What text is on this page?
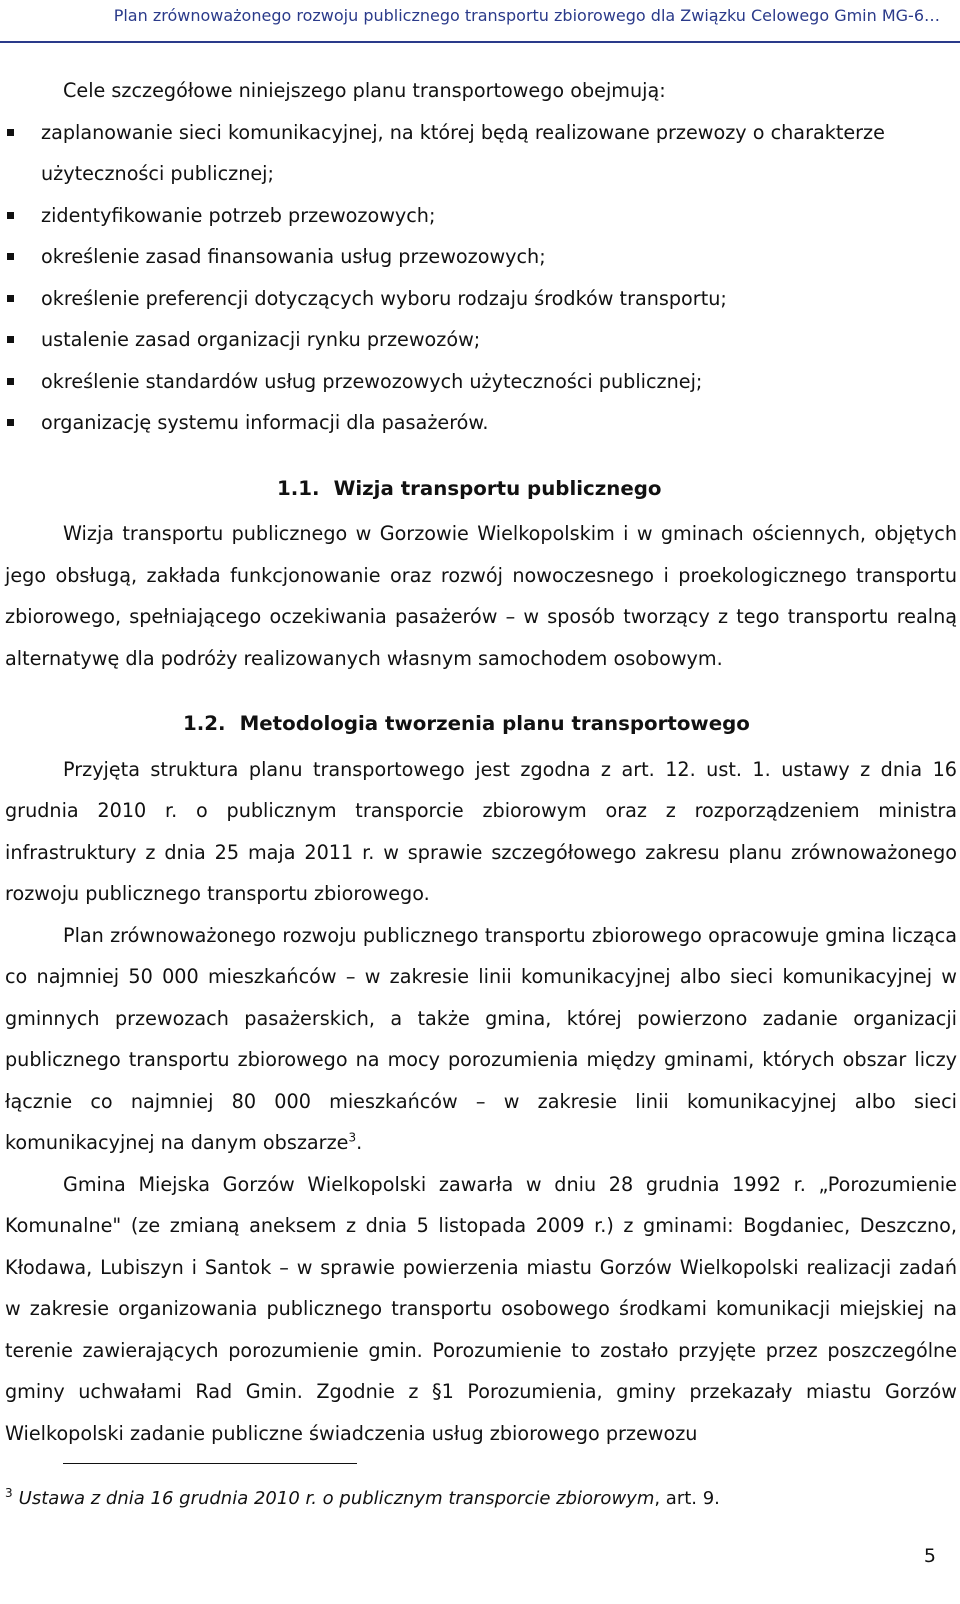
Plan zrównoważonego rozwoju publicznego transportu zbiorowego dla Związku Celowego Gmin MG-6…

Cele szczegółowe niniejszego planu transportowego obejmują:

zaplanowanie sieci komunikacyjnej, na której będą realizowane przewozy o charakterze użyteczności publicznej;
zidentyfikowanie potrzeb przewozowych;
określenie zasad finansowania usług przewozowych;
określenie preferencji dotyczących wyboru rodzaju środków transportu;
ustalenie zasad organizacji rynku przewozów;
określenie standardów usług przewozowych użyteczności publicznej;
organizację systemu informacji dla pasażerów.
1.1. Wizja transportu publicznego

Wizja transportu publicznego w Gorzowie Wielkopolskim i w gminach ościennych, objętych jego obsługą, zakłada funkcjonowanie oraz rozwój nowoczesnego i proekologicznego transportu zbiorowego, spełniającego oczekiwania pasażerów – w sposób tworzący z tego transportu realną alternatywę dla podróży realizowanych własnym samochodem osobowym.

1.2. Metodologia tworzenia planu transportowego

Przyjęta struktura planu transportowego jest zgodna z art. 12. ust. 1. ustawy z dnia 16 grudnia 2010 r. o publicznym transporcie zbiorowym oraz z rozporządzeniem ministra infrastruktury z dnia 25 maja 2011 r. w sprawie szczegółowego zakresu planu zrównoważonego rozwoju publicznego transportu zbiorowego.

Plan zrównoważonego rozwoju publicznego transportu zbiorowego opracowuje gmina licząca co najmniej 50 000 mieszkańców – w zakresie linii komunikacyjnej albo sieci komunikacyjnej w gminnych przewozach pasażerskich, a także gmina, której powierzono zadanie organizacji publicznego transportu zbiorowego na mocy porozumienia między gminami, których obszar liczy łącznie co najmniej 80 000 mieszkańców – w zakresie linii komunikacyjnej albo sieci komunikacyjnej na danym obszarze$^3$.

Gmina Miejska Gorzów Wielkopolski zawarła w dniu 28 grudnia 1992 r. „Porozumienie Komunalne" (ze zmianą aneksem z dnia 5 listopada 2009 r.) z gminami: Bogdaniec, Deszczno, Kłodawa, Lubiszyn i Santok – w sprawie powierzenia miastu Gorzów Wielkopolski realizacji zadań w zakresie organizowania publicznego transportu osobowego środkami komunikacji miejskiej na terenie zawierających porozumienie gmin. Porozumienie to zostało przyjęte przez poszczególne gminy uchwałami Rad Gmin. Zgodnie z §1 Porozumienia, gminy przekazały miastu Gorzów Wielkopolski zadanie publiczne świadczenia usług zbiorowego przewozu

$^3$ Ustawa z dnia 16 grudnia 2010 r. o publicznym transporcie zbiorowym, art. 9.
5
